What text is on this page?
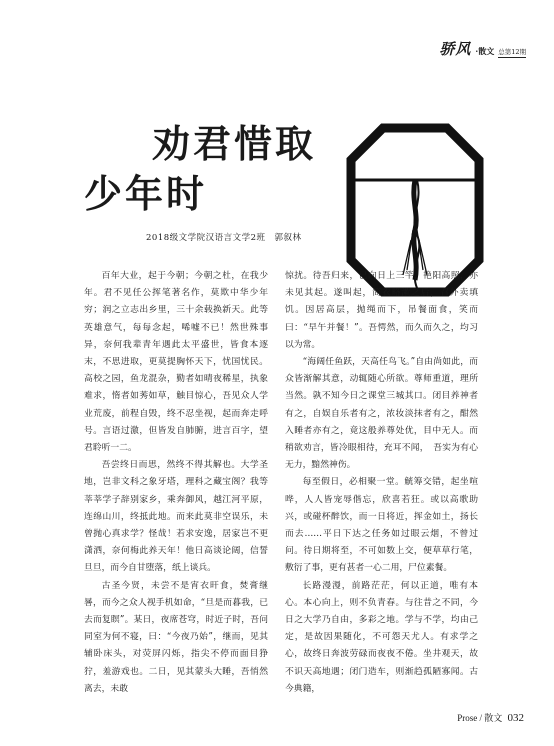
骄风 ·散文 总第12期
劝君惜取
少年时
2018级文学院汉语言文学2班　郭叙林

百年大业，起于今朝；今朝之杜，在我少年。君不见任公挥笔著名作，莫欺中华少年穷；润之立志出乡里，三十余载换新天。此等英雄意气，每每念起，唏嘘不已！然世殊事异，奈何我辈青年遇此太平盛世，皆食本逐末，不思进取，更莫提胸怀天下，忧国忧民。高校之园，鱼龙混杂，勤者如晴夜稀星，执象难求，惰者如莠如草，触目惊心，吾见众人学业荒废，前程自毁，终不忍坐视，起而奔走呼号。言语过激，但皆发自肺腑，进言百字，望君聆听一二。

吾尝终日而思，然终不得其解也。大学圣地，岂非文科之象牙塔，理科之藏宝阁？我等莘莘学子辞别家乡，乘奔御风，越江河平原，连绵山川，终抵此地。而来此莫非空误乐，未曾抛心真求学？怪哉！若求安逸，居家岂不更潇洒，奈何梅此养天年！他日高谈论阔，信誓旦旦，而今自甘堕落，纸上谈兵。

古圣今贤，未尝不是宵衣旰食，焚膏继晷，而今之众人视手机如命，“旦是而暮我，已去而复瞑”。某日，夜席苍穹，时近子时，吾问同室为何不寝，曰：“今夜乃始”，继而，见其辅卧床头，对荧屏闪烁，指尖不停而面目狰狞，羞游戏也。二日，见其蒙头大睡，吾悄然离去，未敢

惊扰。待吾归来，已向日上三竿，艳阳高照，亦未见其起。遂叫起，简衣略漱之后，召外卖填饥。因居高层，抛绳而下，吊餐面食，笑而曰：“早午并餐！”。吾愕然，而久而久之，均习以为常。

“海阔任鱼跃，天高任鸟飞。”自由尚如此，而众皆渐解其意，动辄随心所欲。尊师重道，理所当然。孰不知今日之课堂三城其口。闭目养神者有之，自娱自乐者有之，浓妆淡抹者有之，酣然入睡者亦有之，竟这般养尊处优，目中无人。而稍欲劝言，皆冷眼相待，充耳不闻，　吾实为有心无力，黯然神伤。

每至假日，必相聚一堂。觥筹交错，起坐喧哗，人人皆宠辱偕忘，欣喜若狂。或以高歌助兴，或碰杯醉饮，而一日将近，挥金如土，扬长而去……平日下达之任务如过眼云烟，不曾过问。待日期将至，不可如数上交，便草草行笔，敷衍了事，更有甚者一心二用，尸位素餐。

长路漫漫，前路茫茫，何以正道，唯有本心。本心向上，则不负青春。与往昔之不同，今日之大学乃自由，多彩之地。学与不学，均由己定，是故因果随化，不可怨天尤人。有求学之心，故终日奔波劳碌而夜夜不倦。坐井观天，故不识天高地遇；闭门造车，则渐趋孤陋寡闻。古今典籍，

Prose / 散文 032
